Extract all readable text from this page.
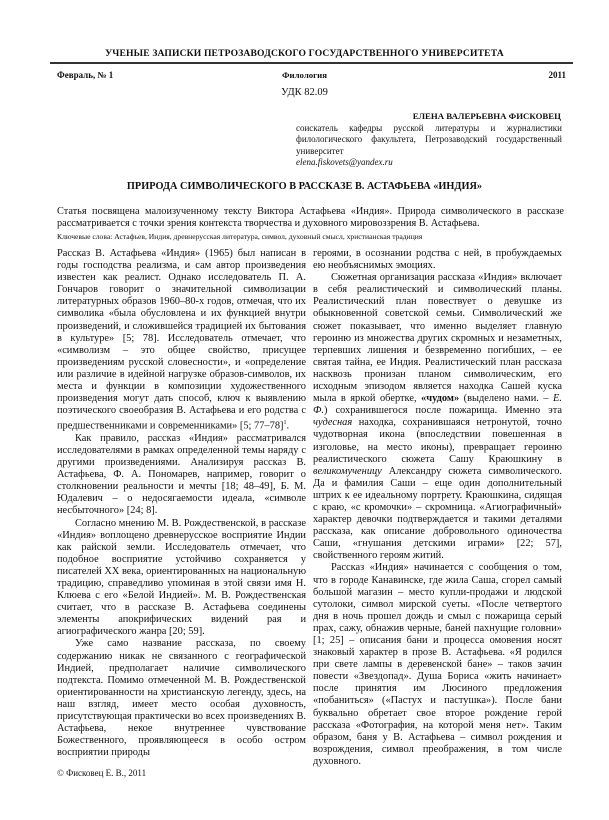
УЧЕНЫЕ ЗАПИСКИ ПЕТРОЗАВОДСКОГО ГОСУДАРСТВЕННОГО УНИВЕРСИТЕТА
Февраль, № 1	Филология	2011
УДК 82.09
ЕЛЕНА ВАЛЕРЬЕВНА ФИСКОВЕЦ
соискатель кафедры русской литературы и журналистики филологического факультета, Петрозаводский государственный университет
elena.fiskovets@yandex.ru
ПРИРОДА СИМВОЛИЧЕСКОГО В РАССКАЗЕ В. АСТАФЬЕВА «ИНДИЯ»
Статья посвящена малоизученному тексту Виктора Астафьева «Индия». Природа символического в рассказе рассматривается с точки зрения контекста творчества и духовного мировоззрения В. Астафьева.
Ключевые слова: Астафьев, Индия, древнерусская литература, символ, духовный смысл, христианская традиция

Рассказ В. Астафьева «Индия» (1965) был написан в годы господства реализма, и сам автор произведения известен как реалист. Однако исследователь П. А. Гончаров говорит о значительной символизации литературных образов 1960–80-х годов, отмечая, что их символика «была обусловлена и их функцией внутри произведений, и сложившейся традицией их бытования в культуре» [5; 78]. Исследователь отмечает, что «символизм – это общее свойство, присущее произведениям русской словесности», и «определение или различие в идейной нагрузке образов-символов, их места и функции в композиции художественного произведения могут дать способ, ключ к выявлению поэтического своеобразия В. Астафьева и его родства с предшественниками и современниками» [5; 77–78]$^1$.

Как правило, рассказ «Индия» рассматривался исследователями в рамках определенной темы наряду с другими произведениями. Анализируя рассказ В. Астафьева, Ф. А. Пономарев, например, говорит о столкновении реальности и мечты [18; 48–49], Б. М. Юдалевич – о недосягаемости идеала, «символе несбыточного» [24; 8].

Согласно мнению М. В. Рождественской, в рассказе «Индия» воплощено древнерусское восприятие Индии как райской земли. Исследователь отмечает, что подобное восприятие устойчиво сохраняется у писателей XX века, ориентированных на национальную традицию, справедливо упоминая в этой связи имя Н. Клюева с его «Белой Индией». М. В. Рождественская считает, что в рассказе В. Астафьева соединены элементы апокрифических видений рая и агиографического жанра [20; 59].

Уже само название рассказа, по своему содержанию никак не связанного с географической Индией, предполагает наличие символического подтекста. Помимо отмеченной М. В. Рождественской ориентированности на христианскую легенду, здесь, на наш взгляд, имеет место особая духовность, присутствующая практически во всех произведениях В. Астафьева, некое внутреннее чувствование Божественного, проявляющееся в особо остром восприятии природы

героями, в осознании родства с ней, в пробуждаемых ею необъяснимых эмоциях.

Сюжетная организация рассказа «Индия» включает в себя реалистический и символический планы. Реалистический план повествует о девушке из обыкновенной советской семьи. Символический же сюжет показывает, что именно выделяет главную героиню из множества других скромных и незаметных, терпевших лишения и безвременно погибших, – ее святая тайна, ее Индия. Реалистический план рассказа насквозь пронизан планом символическим, его исходным эпизодом является находка Сашей куска мыла в яркой обертке, «чудом» (выделено нами. – Е. Ф.) сохранившегося после пожарища. Именно эта чудесная находка, сохранившаяся нетронутой, точно чудотворная икона (впоследствии повешенная в изголовье, на место иконы), превращает героиню реалистического сюжета Сашу Краюшкину в великомученицу Александру сюжета символического. Да и фамилия Саши – еще один дополнительный штрих к ее идеальному портрету. Краюшкина, сидящая с краю, «с кромочки» – скромница. «Агиографичный» характер девочки подтверждается и такими деталями рассказа, как описание добровольного одиночества Саши, «гнушания детскими играми» [22; 57], свойственного героям житий.

Рассказ «Индия» начинается с сообщения о том, что в городе Канавинске, где жила Саша, сгорел самый большой магазин – место купли-продажи и людской сутолоки, символ мирской суеты. «После четвертого дня в ночь прошел дождь и смыл с пожарища серый прах, сажу, обнажив черные, баней пахнущие головни» [1; 25] – описания бани и процесса омовения носят знаковый характер в прозе В. Астафьева. «Я родился при свете лампы в деревенской бане» – таков зачин повести «Звездопад». Душа Бориса «жить начинает» после принятия им Люсиного предложения «побаниться» («Пастух и пастушка»). После бани буквально обретает свое второе рождение герой рассказа «Фотография, на которой меня нет». Таким образом, баня у В. Астафьева – символ рождения и возрождения, символ преображения, в том числе духовного.

© Фисковец Е. В., 2011
